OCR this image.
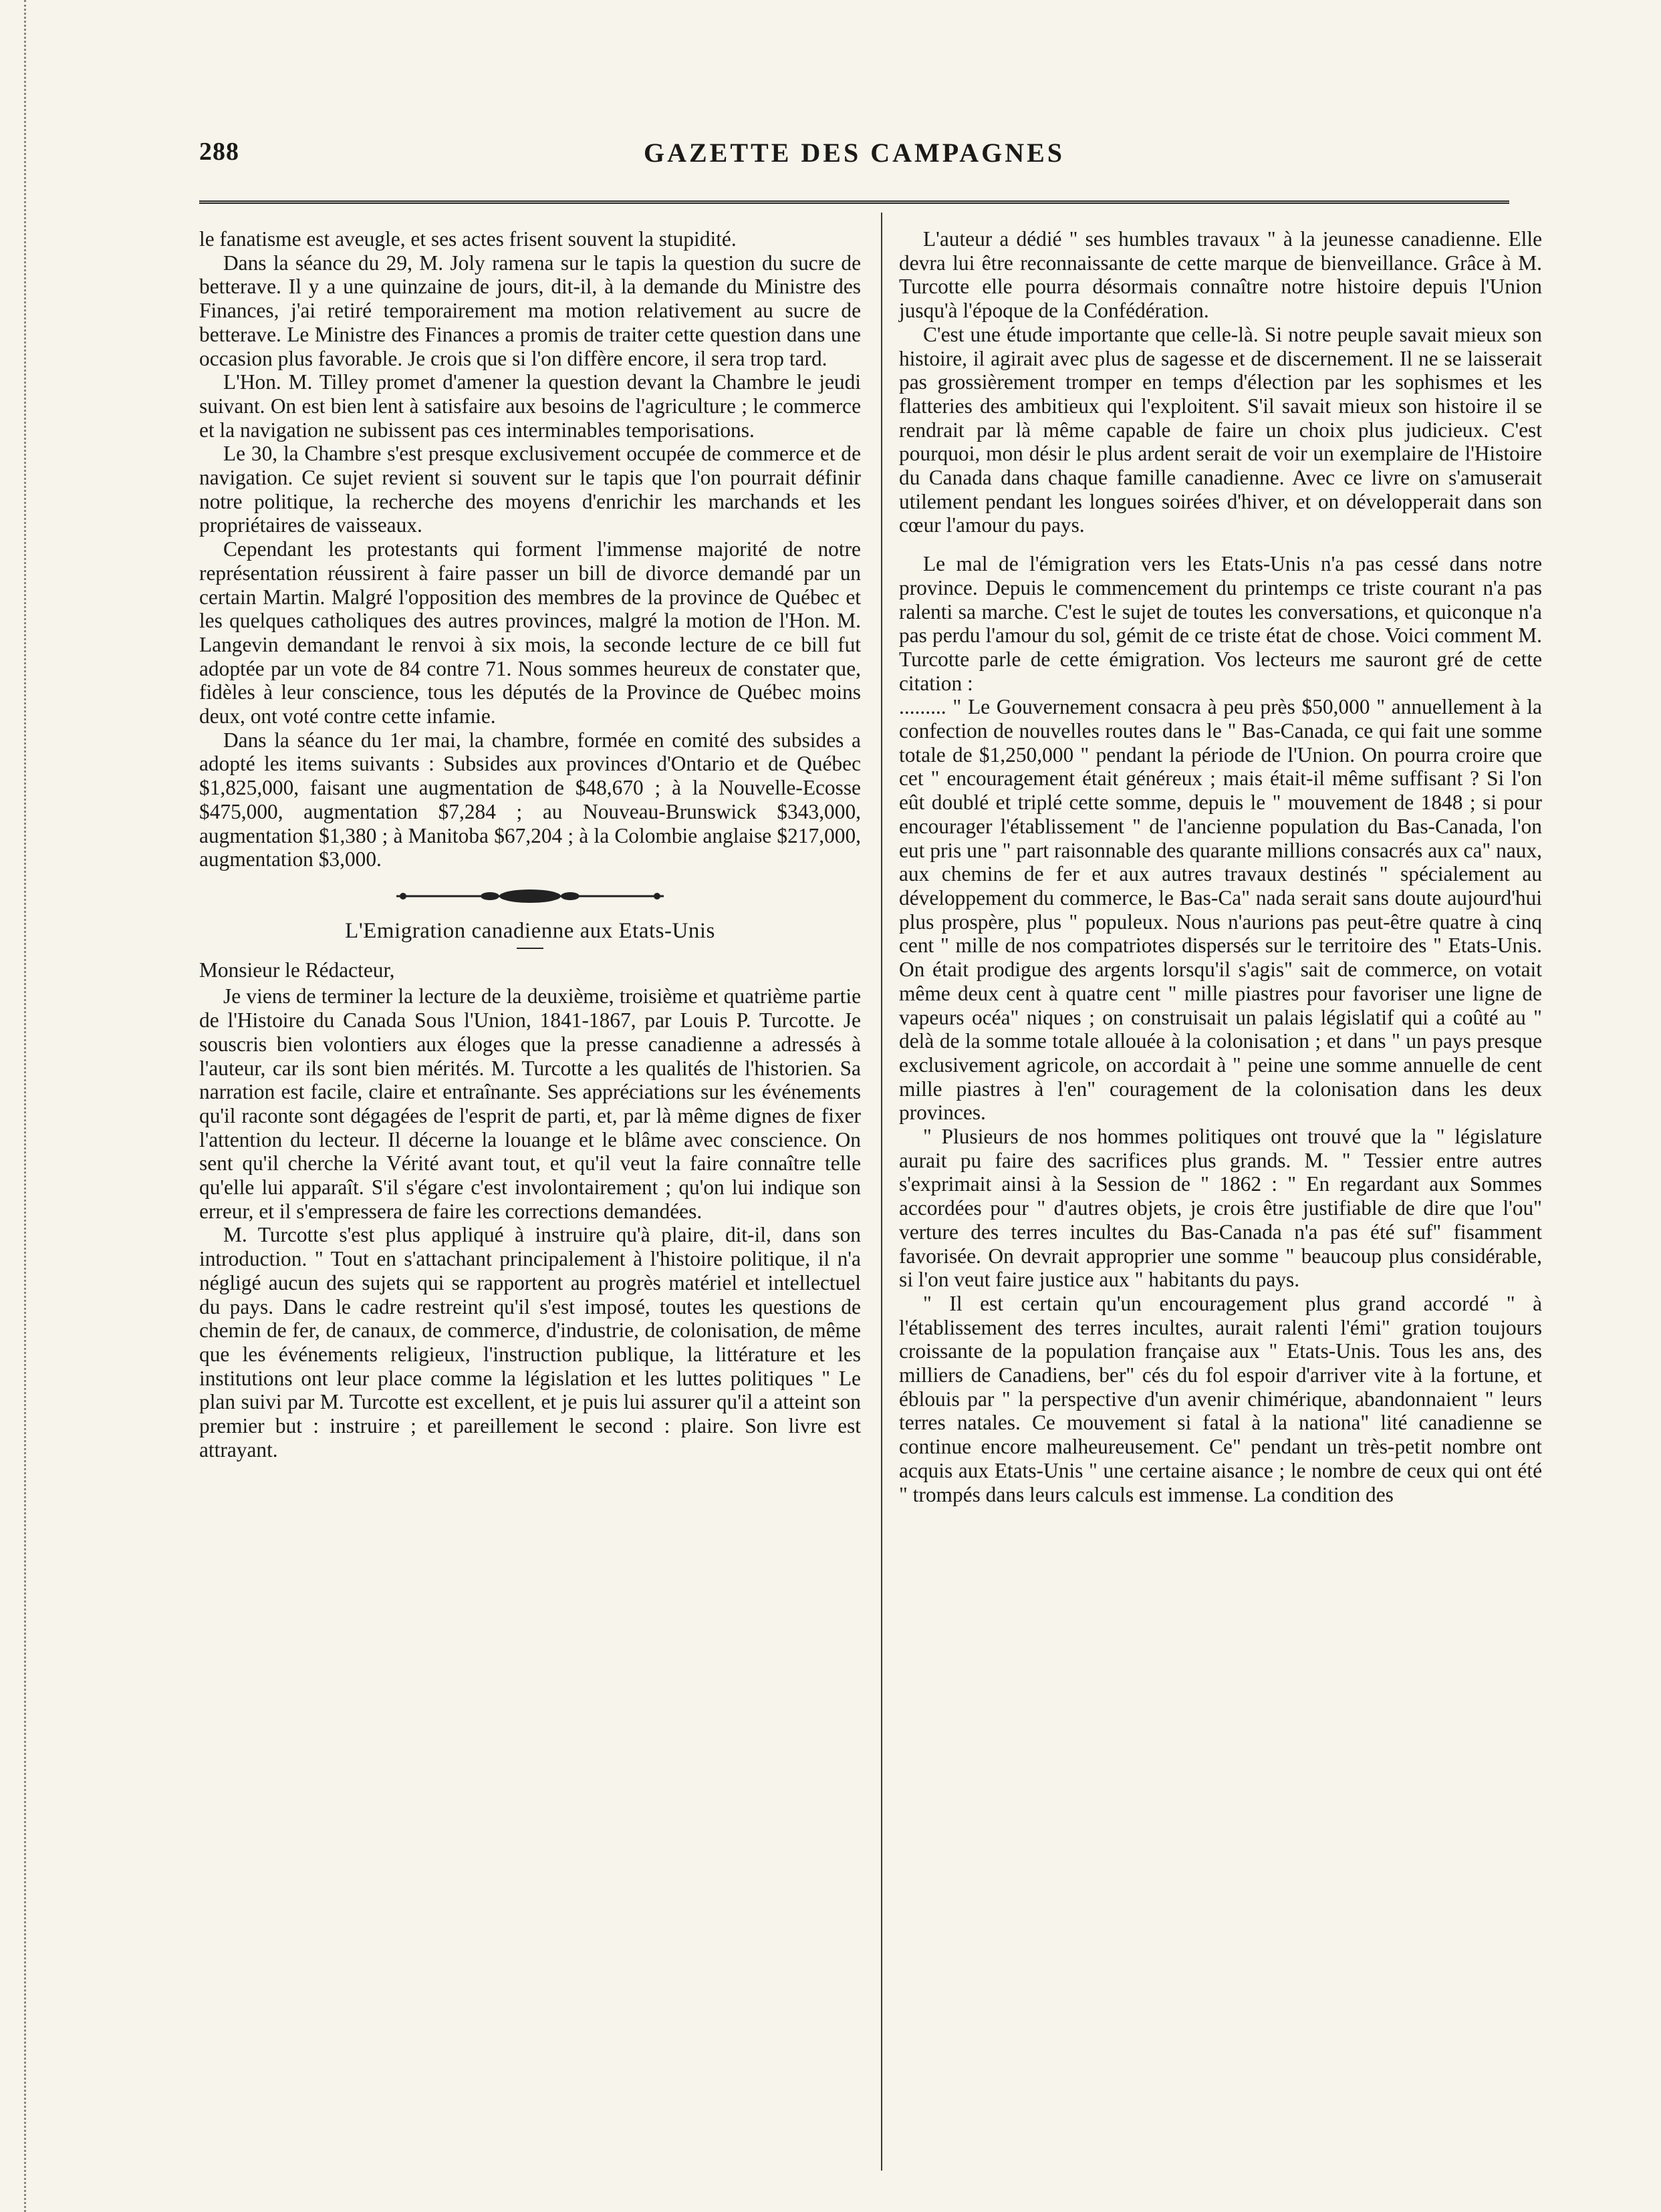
288	GAZETTE DES CAMPAGNES

le fanatisme est aveugle, et ses actes frisent souvent la stupidité.

Dans la séance du 29, M. Joly ramena sur le tapis la question du sucre de betterave. Il y a une quinzaine de jours, dit-il, à la demande du Ministre des Finances, j'ai retiré temporairement ma motion relativement au sucre de betterave. Le Ministre des Finances a promis de traiter cette question dans une occasion plus favorable. Je crois que si l'on diffère encore, il sera trop tard.

L'Hon. M. Tilley promet d'amener la question devant la Chambre le jeudi suivant. On est bien lent à satisfaire aux besoins de l'agriculture ; le commerce et la navigation ne subissent pas ces interminables temporisations.

Le 30, la Chambre s'est presque exclusivement occupée de commerce et de navigation. Ce sujet revient si souvent sur le tapis que l'on pourrait définir notre politique, la recherche des moyens d'enrichir les marchands et les propriétaires de vaisseaux.

Cependant les protestants qui forment l'immense majorité de notre représentation réussirent à faire passer un bill de divorce demandé par un certain Martin. Malgré l'opposition des membres de la province de Québec et les quelques catholiques des autres provinces, malgré la motion de l'Hon. M. Langevin demandant le renvoi à six mois, la seconde lecture de ce bill fut adoptée par un vote de 84 contre 71. Nous sommes heureux de constater que, fidèles à leur conscience, tous les députés de la Province de Québec moins deux, ont voté contre cette infamie.

Dans la séance du 1er mai, la chambre, formée en comité des subsides a adopté les items suivants : Subsides aux provinces d'Ontario et de Québec $1,825,000, faisant une augmentation de $48,670 ; à la Nouvelle-Ecosse $475,000, augmentation $7,284 ; au Nouveau-Brunswick $343,000, augmentation $1,380 ; à Manitoba $67,204 ; à la Colombie anglaise $217,000, augmentation $3,000.

L'Emigration canadienne aux Etats-Unis

Monsieur le Rédacteur,

Je viens de terminer la lecture de la deuxième, troisième et quatrième partie de l'Histoire du Canada Sous l'Union, 1841-1867, par Louis P. Turcotte. Je souscris bien volontiers aux éloges que la presse canadienne a adressés à l'auteur, car ils sont bien mérités. M. Turcotte a les qualités de l'historien. Sa narration est facile, claire et entraînante. Ses appréciations sur les événements qu'il raconte sont dégagées de l'esprit de parti, et, par là même dignes de fixer l'attention du lecteur. Il décerne la louange et le blâme avec conscience. On sent qu'il cherche la Vérité avant tout, et qu'il veut la faire connaître telle qu'elle lui apparaît. S'il s'égare c'est involontairement ; qu'on lui indique son erreur, et il s'empressera de faire les corrections demandées.

M. Turcotte s'est plus appliqué à instruire qu'à plaire, dit-il, dans son introduction. " Tout en s'attachant principalement à l'histoire politique, il n'a négligé aucun des sujets qui se rapportent au progrès matériel et intellectuel du pays. Dans le cadre restreint qu'il s'est imposé, toutes les questions de chemin de fer, de canaux, de commerce, d'industrie, de colonisation, de même que les événements religieux, l'instruction publique, la littérature et les institutions ont leur place comme la législation et les luttes politiques " Le plan suivi par M. Turcotte est excellent, et je puis lui assurer qu'il a atteint son premier but : instruire ; et pareillement le second : plaire. Son livre est attrayant.

L'auteur a dédié " ses humbles travaux " à la jeunesse canadienne. Elle devra lui être reconnaissante de cette marque de bienveillance. Grâce à M. Turcotte elle pourra désormais connaître notre histoire depuis l'Union jusqu'à l'époque de la Confédération.

C'est une étude importante que celle-là. Si notre peuple savait mieux son histoire, il agirait avec plus de sagesse et de discernement. Il ne se laisserait pas grossièrement tromper en temps d'élection par les sophismes et les flatteries des ambitieux qui l'exploitent. S'il savait mieux son histoire il se rendrait par là même capable de faire un choix plus judicieux. C'est pourquoi, mon désir le plus ardent serait de voir un exemplaire de l'Histoire du Canada dans chaque famille canadienne. Avec ce livre on s'amuserait utilement pendant les longues soirées d'hiver, et on développerait dans son cœur l'amour du pays.

Le mal de l'émigration vers les Etats-Unis n'a pas cessé dans notre province. Depuis le commencement du printemps ce triste courant n'a pas ralenti sa marche. C'est le sujet de toutes les conversations, et quiconque n'a pas perdu l'amour du sol, gémit de ce triste état de chose. Voici comment M. Turcotte parle de cette émigration. Vos lecteurs me sauront gré de cette citation :

......... " Le Gouvernement consacra à peu près $50,000 " annuellement à la confection de nouvelles routes dans le " Bas-Canada, ce qui fait une somme totale de $1,250,000 " pendant la période de l'Union. On pourra croire que cet " encouragement était généreux ; mais était-il même suffisant ? Si l'on eût doublé et triplé cette somme, depuis le " mouvement de 1848 ; si pour encourager l'établissement " de l'ancienne population du Bas-Canada, l'on eut pris une " part raisonnable des quarante millions consacrés aux ca" naux, aux chemins de fer et aux autres travaux destinés " spécialement au développement du commerce, le Bas-Ca" nada serait sans doute aujourd'hui plus prospère, plus " populeux. Nous n'aurions pas peut-être quatre à cinq cent " mille de nos compatriotes dispersés sur le territoire des " Etats-Unis. On était prodigue des argents lorsqu'il s'agis" sait de commerce, on votait même deux cent à quatre cent " mille piastres pour favoriser une ligne de vapeurs océa" niques ; on construisait un palais législatif qui a coûté au " delà de la somme totale allouée à la colonisation ; et dans " un pays presque exclusivement agricole, on accordait à " peine une somme annuelle de cent mille piastres à l'en" couragement de la colonisation dans les deux provinces.

" Plusieurs de nos hommes politiques ont trouvé que la " législature aurait pu faire des sacrifices plus grands. M. " Tessier entre autres s'exprimait ainsi à la Session de " 1862 : " En regardant aux Sommes accordées pour " d'autres objets, je crois être justifiable de dire que l'ou" verture des terres incultes du Bas-Canada n'a pas été suf" fisamment favorisée. On devrait approprier une somme " beaucoup plus considérable, si l'on veut faire justice aux " habitants du pays.

" Il est certain qu'un encouragement plus grand accordé " à l'établissement des terres incultes, aurait ralenti l'émi" gration toujours croissante de la population française aux " Etats-Unis. Tous les ans, des milliers de Canadiens, ber" cés du fol espoir d'arriver vite à la fortune, et éblouis par " la perspective d'un avenir chimérique, abandonnaient " leurs terres natales. Ce mouvement si fatal à la nationa" lité canadienne se continue encore malheureusement. Ce" pendant un très-petit nombre ont acquis aux Etats-Unis " une certaine aisance ; le nombre de ceux qui ont été " trompés dans leurs calculs est immense. La condition des
